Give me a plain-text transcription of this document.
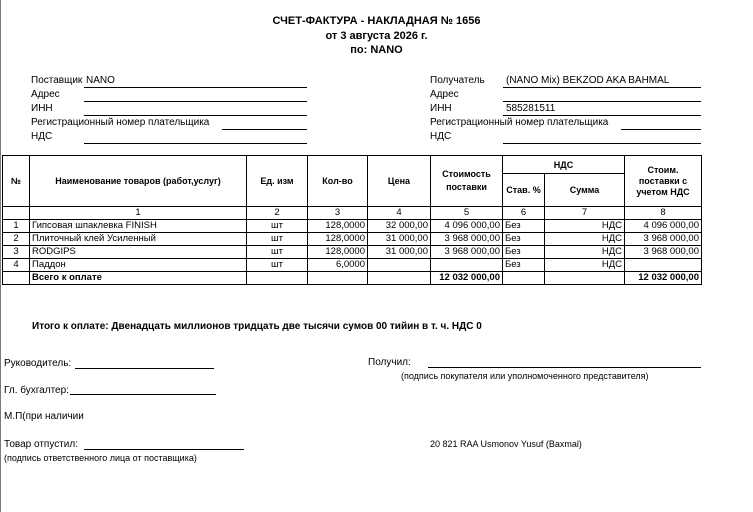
СЧЕТ-ФАКТУРА - НАКЛАДНАЯ № 1656
от 3 августа 2026 г.
по: NANO
Поставщик NANO
Адрес
ИНН
Регистрационный номер плательщика
НДС
Получатель (NANO Mix) BEKZOD AKA BAHMAL
Адрес
ИНН	585281511
Регистрационный номер плательщика
НДС
№	Наименование товаров (работ,услуг)	Ед. изм	Кол-во	Цена	Стоимость поставки	НДС		Стоим. поставки с учетом НДС
						Став. %	Сумма	
	1	2	3	4	5	6	7	8
1	Гипсовая шпаклевка FINISH	шт	128,0000	32 000,00	4 096 000,00	Без	НДС	4 096 000,00
2	Плиточный клей Усиленный	шт	128,0000	31 000,00	3 968 000,00	Без	НДС	3 968 000,00
3	RODGIPS	шт	128,0000	31 000,00	3 968 000,00	Без	НДС	3 968 000,00
4	Паддон	шт	6,0000			Без	НДС	
	Всего к оплате				12 032 000,00			12 032 000,00
Итого к оплате: Двенадцать миллионов тридцать две тысячи сумов 00 тийин в т. ч. НДС 0
Руководитель:
Гл. бухгалтер:
М.П(при наличии
Товар отпустил:
(подпись ответственного лица от поставщика)
Получил:
(подпись покупателя или уполномоченного представителя)
20 821 RAA Usmonov Yusuf (Baxmal)
